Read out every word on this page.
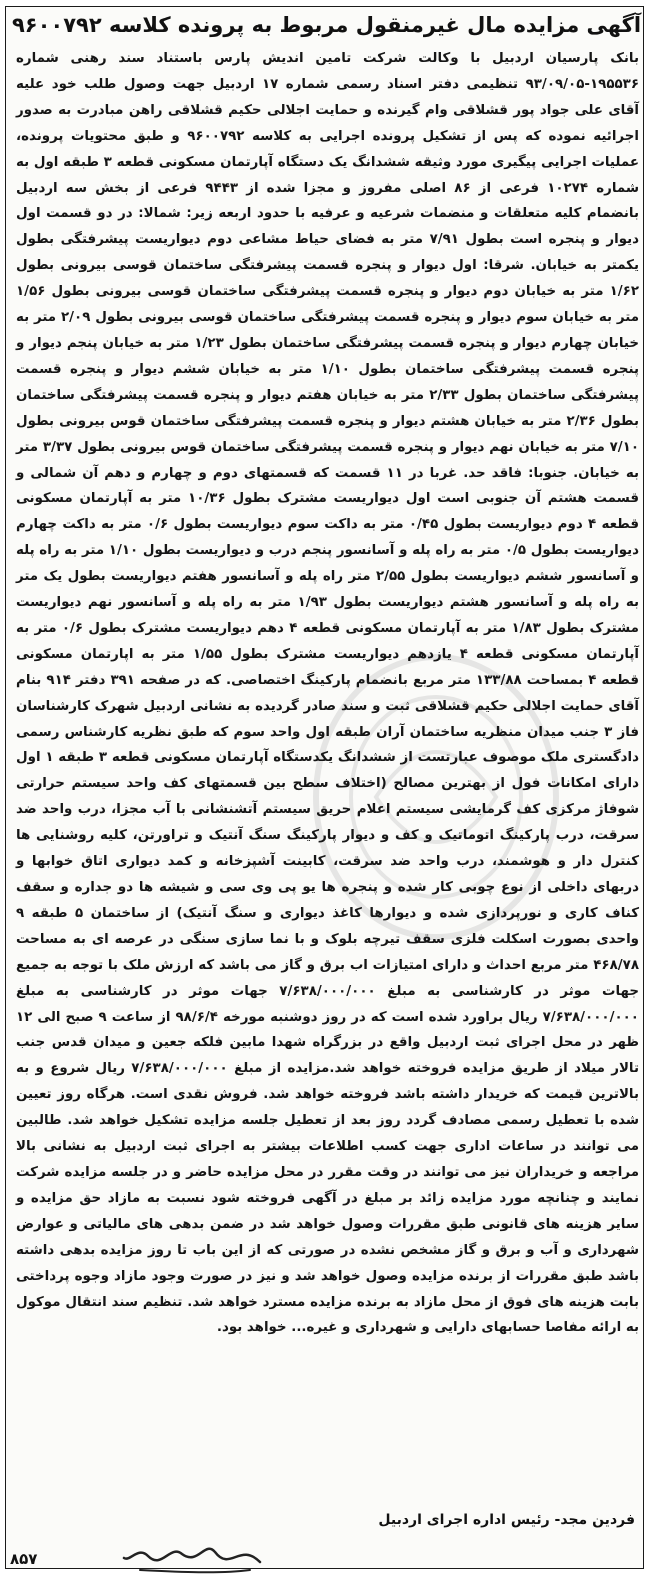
آگهی مزایده مال غیرمنقول مربوط به پرونده کلاسه ۹۶۰۰۷۹۲
بانک پارسیان اردبیل با وکالت شرکت تامین اندیش پارس باستناد سند رهنی شماره ۱۹۵۵۳۶-۹۳/۰۹/۰۵ تنظیمی دفتر اسناد رسمی شماره ۱۷ اردبیل جهت وصول طلب خود علیه آقای علی جواد پور قشلاقی وام گیرنده و حمایت اجلالی حکیم قشلاقی راهن مبادرت به صدور اجرائیه نموده که پس از تشکیل پرونده اجرایی به کلاسه ۹۶۰۰۷۹۲ و طبق محتویات پرونده، عملیات اجرایی پیگیری مورد وثیقه ششدانگ یک دستگاه آپارتمان مسکونی قطعه ۳ طبقه اول به شماره ۱۰۲۷۴ فرعی از ۸۶ اصلی مفروز و مجزا شده از ۹۴۴۳ فرعی از بخش سه اردبیل بانضمام کلیه متعلقات و منضمات شرعیه و عرفیه با حدود اربعه زیر: شمالا: در دو قسمت اول دیوار و پنجره است بطول ۷/۹۱ متر به فضای حیاط مشاعی دوم دیواریست پیشرفتگی بطول یکمتر به خیابان. شرقا: اول دیوار و پنجره قسمت پیشرفتگی ساختمان قوسی بیرونی بطول ۱/۶۲ متر به خیابان دوم دیوار و پنجره قسمت پیشرفتگی ساختمان قوسی بیرونی بطول ۱/۵۶ متر به خیابان سوم دیوار و پنجره قسمت پیشرفتگی ساختمان قوسی بیرونی بطول ۲/۰۹ متر به خیابان چهارم دیوار و پنجره قسمت پیشرفتگی ساختمان بطول ۱/۲۳ متر به خیابان پنجم دیوار و پنجره قسمت پیشرفتگی ساختمان بطول ۱/۱۰ متر به خیابان ششم دیوار و پنجره قسمت پیشرفتگی ساختمان بطول ۲/۳۳ متر به خیابان هفتم دیوار و پنجره قسمت پیشرفتگی ساختمان بطول ۲/۳۶ متر به خیابان هشتم دیوار و پنجره قسمت پیشرفتگی ساختمان قوس بیرونی بطول ۷/۱۰ متر به خیابان نهم دیوار و پنجره قسمت پیشرفتگی ساختمان قوس بیرونی بطول ۳/۳۷ متر به خیابان. جنوبا: فاقد حد. غربا در ۱۱ قسمت که قسمتهای دوم و چهارم و دهم آن شمالی و قسمت هشتم آن جنوبی است اول دیواریست مشترک بطول ۱۰/۳۶ متر به آپارتمان مسکونی قطعه ۴ دوم دیواریست بطول ۰/۴۵ متر به داکت سوم دیواریست بطول ۰/۶ متر به داکت چهارم دیواریست بطول ۰/۵ متر به راه پله و آسانسور پنجم درب و دیواریست بطول ۱/۱۰ متر به راه پله و آسانسور ششم دیواریست بطول ۲/۵۵ متر راه پله و آسانسور هفتم دیواریست بطول یک متر به راه پله و آسانسور هشتم دیواریست بطول ۱/۹۳ متر به راه پله و آسانسور نهم دیواریست مشترک بطول ۱/۸۳ متر به آپارتمان مسکونی قطعه ۴ دهم دیواریست مشترک بطول ۰/۶ متر به آپارتمان مسکونی قطعه ۴ یازدهم دیواریست مشترک بطول ۱/۵۵ متر به اپارتمان مسکونی قطعه ۴ بمساحت ۱۳۳/۸۸ متر مربع بانضمام پارکینگ اختصاصی. که در صفحه ۳۹۱ دفتر ۹۱۴ بنام آقای حمایت اجلالی حکیم قشلاقی ثبت و سند صادر گردیده به نشانی اردبیل شهرک کارشناسان فاز ۳ جنب میدان منظریه ساختمان آران طبقه اول واحد سوم که طبق نظریه کارشناس رسمی دادگستری ملک موصوف عبارتست از ششدانگ یکدستگاه آپارتمان مسکونی قطعه ۳ طبقه ۱ اول دارای امکانات فول از بهترین مصالح (اختلاف سطح بین قسمتهای کف واحد سیستم حرارتی شوفاژ مرکزی کف گرمایشی سیستم اعلام حریق سیستم آتشنشانی با آب مجزا، درب واحد ضد سرقت، درب پارکینگ اتوماتیک و کف و دیوار پارکینگ سنگ آنتیک و تراورتن، کلیه روشنایی ها کنترل دار و هوشمند، درب واحد ضد سرقت، کابینت آشپزخانه و کمد دیواری اتاق خوابها و دربهای داخلی از نوع چوبی کار شده و پنجره ها یو پی وی سی و شیشه ها دو جداره و سقف کناف کاری و نورپردازی شده و دیوارها کاغذ دیواری و سنگ آنتیک) از ساختمان ۵ طبقه ۹ واحدی بصورت اسکلت فلزی سقف تیرچه بلوک و با نما سازی سنگی در عرصه ای به مساحت ۴۶۸/۷۸ متر مربع احداث و دارای امتیازات اب برق و گاز می باشد که ارزش ملک با توجه به جمیع جهات موثر در کارشناسی به مبلغ ۷/۶۳۸/۰۰۰/۰۰۰ جهات موثر در کارشناسی به مبلغ ۷/۶۳۸/۰۰۰/۰۰۰ ریال براورد شده است که در روز دوشنبه مورخه ۹۸/۶/۴ از ساعت ۹ صبح الی ۱۲ ظهر در محل اجرای ثبت اردبیل واقع در بزرگراه شهدا مابین فلکه جعین و میدان قدس جنب تالار میلاد از طریق مزایده فروخته خواهد شد.مزایده از مبلغ ۷/۶۳۸/۰۰۰/۰۰۰ ریال شروع و به بالاترین قیمت که خریدار داشته باشد فروخته خواهد شد. فروش نقدی است. هرگاه روز تعیین شده با تعطیل رسمی مصادف گردد روز بعد از تعطیل جلسه مزایده تشکیل خواهد شد. طالبین می توانند در ساعات اداری جهت کسب اطلاعات بیشتر به اجرای ثبت اردبیل به نشانی بالا مراجعه و خریداران نیز می توانند در وقت مقرر در محل مزایده حاضر و در جلسه مزایده شرکت نمایند و چنانچه مورد مزایده زائد بر مبلغ در آگهی فروخته شود نسبت به مازاد حق مزایده و سایر هزینه های قانونی طبق مقررات وصول خواهد شد در ضمن بدهی های مالیاتی و عوارض شهرداری و آب و برق و گاز مشخص نشده در صورتی که از این باب تا روز مزایده بدهی داشته باشد طبق مقررات از برنده مزایده وصول خواهد شد و نیز در صورت وجود مازاد وجوه پرداختی بابت هزینه های فوق از محل مازاد به برنده مزایده مسترد خواهد شد. تنظیم سند انتقال موکول به ارائه مفاصا حسابهای دارایی و شهرداری و غیره... خواهد بود.
فردین مجد- رئیس اداره اجرای اردبیل
۸۵۷
